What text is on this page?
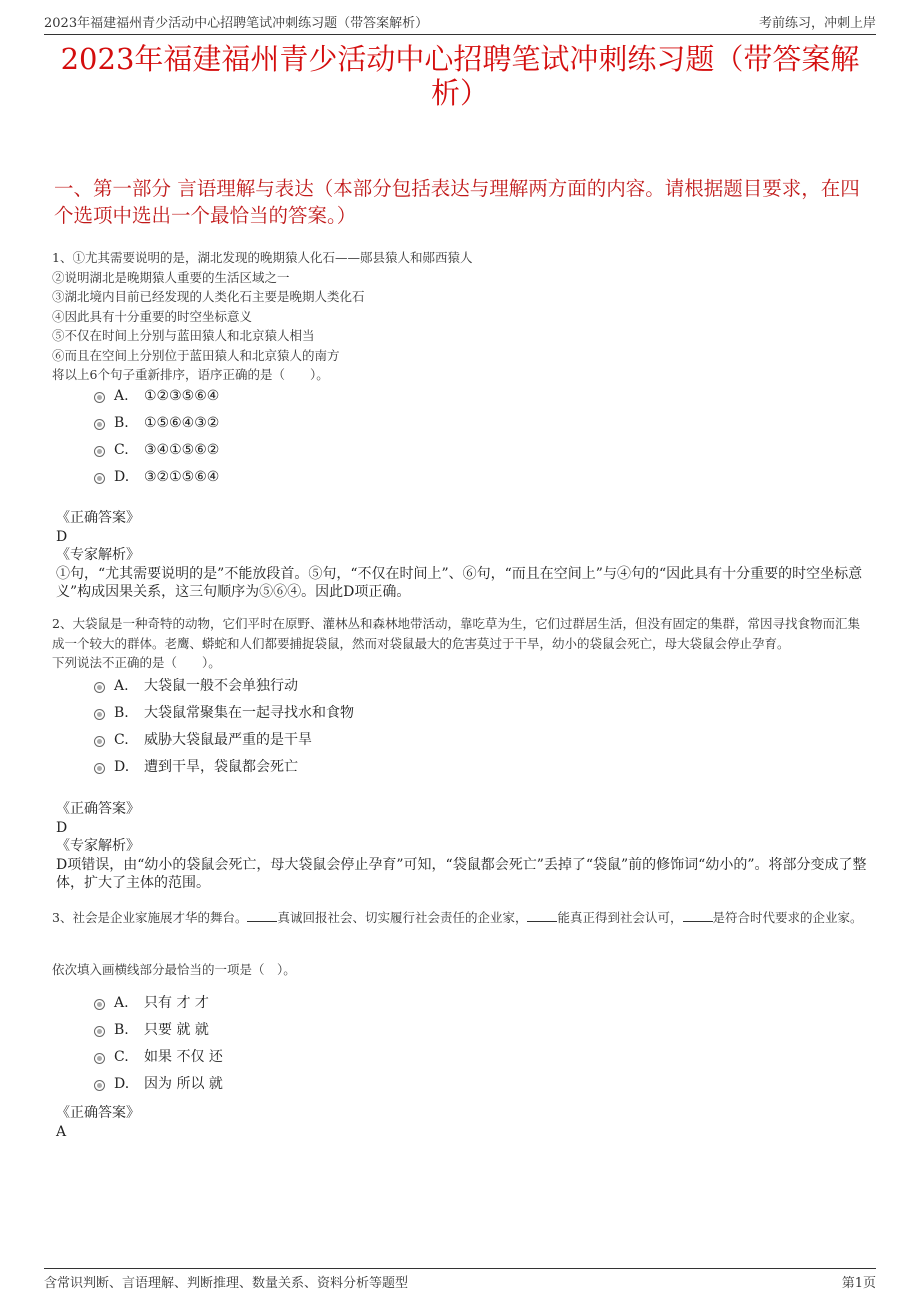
2023年福建福州青少活动中心招聘笔试冲刺练习题（带答案解析）	考前练习，冲刺上岸
2023年福建福州青少活动中心招聘笔试冲刺练习题（带答案解析）
一、第一部分 言语理解与表达（本部分包括表达与理解两方面的内容。请根据题目要求，在四个选项中选出一个最恰当的答案。）

1、①尤其需要说明的是，湖北发现的晚期猿人化石——郧县猿人和郧西猿人

②说明湖北是晚期猿人重要的生活区域之一

③湖北境内目前已经发现的人类化石主要是晚期人类化石

④因此具有十分重要的时空坐标意义

⑤不仅在时间上分别与蓝田猿人和北京猿人相当

⑥而且在空间上分别位于蓝田猿人和北京猿人的南方

将以上6个句子重新排序，语序正确的是（　　）。

A. ①②③⑤⑥④
B. ①⑤⑥④③②
C. ③④①⑤⑥②
D. ③②①⑤⑥④

《正确答案》

D

《专家解析》

①句，“尤其需要说明的是”不能放段首。⑤句，“不仅在时间上”、⑥句，“而且在空间上”与④句的“因此具有十分重要的时空坐标意义”构成因果关系，这三句顺序为⑤⑥④。因此D项正确。

2、大袋鼠是一种奇特的动物，它们平时在原野、灌林丛和森林地带活动，靠吃草为生，它们过群居生活，但没有固定的集群，常因寻找食物而汇集成一个较大的群体。老鹰、蟒蛇和人们都要捕捉袋鼠，然而对袋鼠最大的危害莫过于干旱，幼小的袋鼠会死亡，母大袋鼠会停止孕育。

下列说法不正确的是（　　）。

A. 大袋鼠一般不会单独行动
B. 大袋鼠常聚集在一起寻找水和食物
C. 威胁大袋鼠最严重的是干旱
D. 遭到干旱，袋鼠都会死亡

《正确答案》

D

《专家解析》

D项错误，由“幼小的袋鼠会死亡，母大袋鼠会停止孕育”可知，“袋鼠都会死亡”丢掉了“袋鼠”前的修饰词“幼小的”。将部分变成了整体，扩大了主体的范围。

3、社会是企业家施展才华的舞台。 真诚回报社会、切实履行社会责任的企业家， 能真正得到社会认可， 是符合时代要求的企业家。

依次填入画横线部分最恰当的一项是（　）。

A. 只有 才 才
B. 只要 就 就
C. 如果 不仅 还
D. 因为 所以 就

《正确答案》

A

含常识判断、言语理解、判断推理、数量关系、资料分析等题型	第1页
